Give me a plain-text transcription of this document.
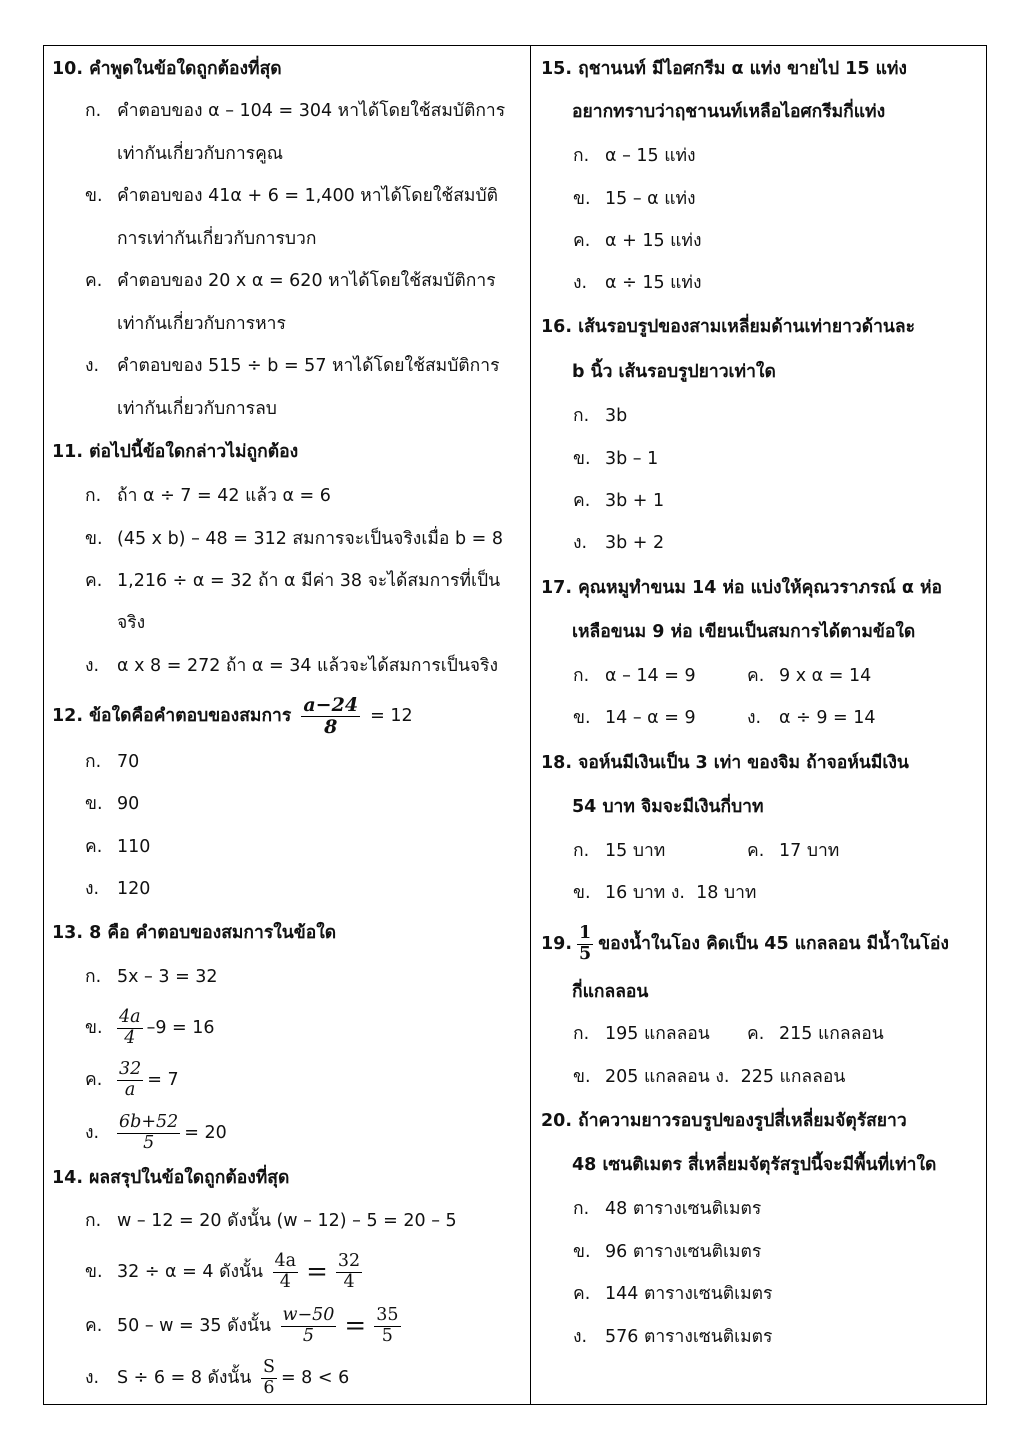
10. คำพูดในข้อใดถูกต้องที่สุด
ก. คำตอบของ α – 104 = 304 หาได้โดยใช้สมบัติการ
เท่ากันเกี่ยวกับการคูณ
ข. คำตอบของ 41α + 6 = 1,400 หาได้โดยใช้สมบัติ
การเท่ากันเกี่ยวกับการบวก
ค. คำตอบของ 20 x α = 620 หาได้โดยใช้สมบัติการ
เท่ากันเกี่ยวกับการหาร
ง. คำตอบของ 515 ÷ b = 57 หาได้โดยใช้สมบัติการ
เท่ากันเกี่ยวกับการลบ
11. ต่อไปนี้ข้อใดกล่าวไม่ถูกต้อง
ก. ถ้า α ÷ 7 = 42 แล้ว α = 6
ข. (45 x b) – 48 = 312 สมการจะเป็นจริงเมื่อ b = 8
ค. 1,216 ÷ α = 32 ถ้า α มีค่า 38 จะได้สมการที่เป็น
จริง
ง. α x 8 = 272 ถ้า α = 34 แล้วจะได้สมการเป็นจริง
12. ข้อใดคือคำตอบของสมการ $\frac{a-24}{8} = 12$
ก. 70
ข. 90
ค. 110
ง. 120
13. 8 คือ คำตอบของสมการในข้อใด
ก. 5x – 3 = 32
ข. $\frac{4a}{4} -9 = 16$
ค. $\frac{32}{a} = 7$
ง. $\frac{6b+52}{5} = 20$
14. ผลสรุปในข้อใดถูกต้องที่สุด
ก. w – 12 = 20 ดังนั้น (w – 12) – 5 = 20 – 5
ข. 32 ÷ α = 4 ดังนั้น $\frac{4a}{4} = \frac{32}{4}$
ค. 50 – w = 35 ดังนั้น $\frac{w-50}{5} = \frac{35}{5}$
ง. S ÷ 6 = 8 ดังนั้น $\frac{S}{6} = 8 < 6$
15. ฤชานนท์ มีไอศกรีม α แท่ง ขายไป 15 แท่ง
อยากทราบว่าฤชานนท์เหลือไอศกรีมกี่แท่ง
ก. α – 15 แท่ง
ข. 15 – α แท่ง
ค. α + 15 แท่ง
ง. α ÷ 15 แท่ง
16. เส้นรอบรูปของสามเหลี่ยมด้านเท่ายาวด้านละ
b นิ้ว เส้นรอบรูปยาวเท่าใด
ก. 3b
ข. 3b – 1
ค. 3b + 1
ง. 3b + 2
17. คุณหมูทำขนม 14 ห่อ แบ่งให้คุณวราภรณ์ α ห่อ
เหลือขนม 9 ห่อ เขียนเป็นสมการได้ตามข้อใด
ก. α – 14 = 9	ค. 9 x α = 14
ข. 14 – α = 9	ง. α ÷ 9 = 14
18. จอห์นมีเงินเป็น 3 เท่า ของจิม ถ้าจอห์นมีเงิน
54 บาท จิมจะมีเงินกี่บาท
ก. 15 บาท	ค. 17 บาท
ข. 16 บาท ง. 18 บาท
19. $\frac{1}{5}$ ของน้ำในโอง คิดเป็น 45 แกลลอน มีน้ำในโอ่ง
กี่แกลลอน
ก. 195 แกลลอน ค. 215 แกลลอน
ข. 205 แกลลอน ง. 225 แกลลอน
20. ถ้าความยาวรอบรูปของรูปสี่เหลี่ยมจัตุรัสยาว
48 เซนติเมตร สี่เหลี่ยมจัตุรัสรูปนี้จะมีพื้นที่เท่าใด
ก. 48 ตารางเซนติเมตร
ข. 96 ตารางเซนติเมตร
ค. 144 ตารางเซนติเมตร
ง. 576 ตารางเซนติเมตร
